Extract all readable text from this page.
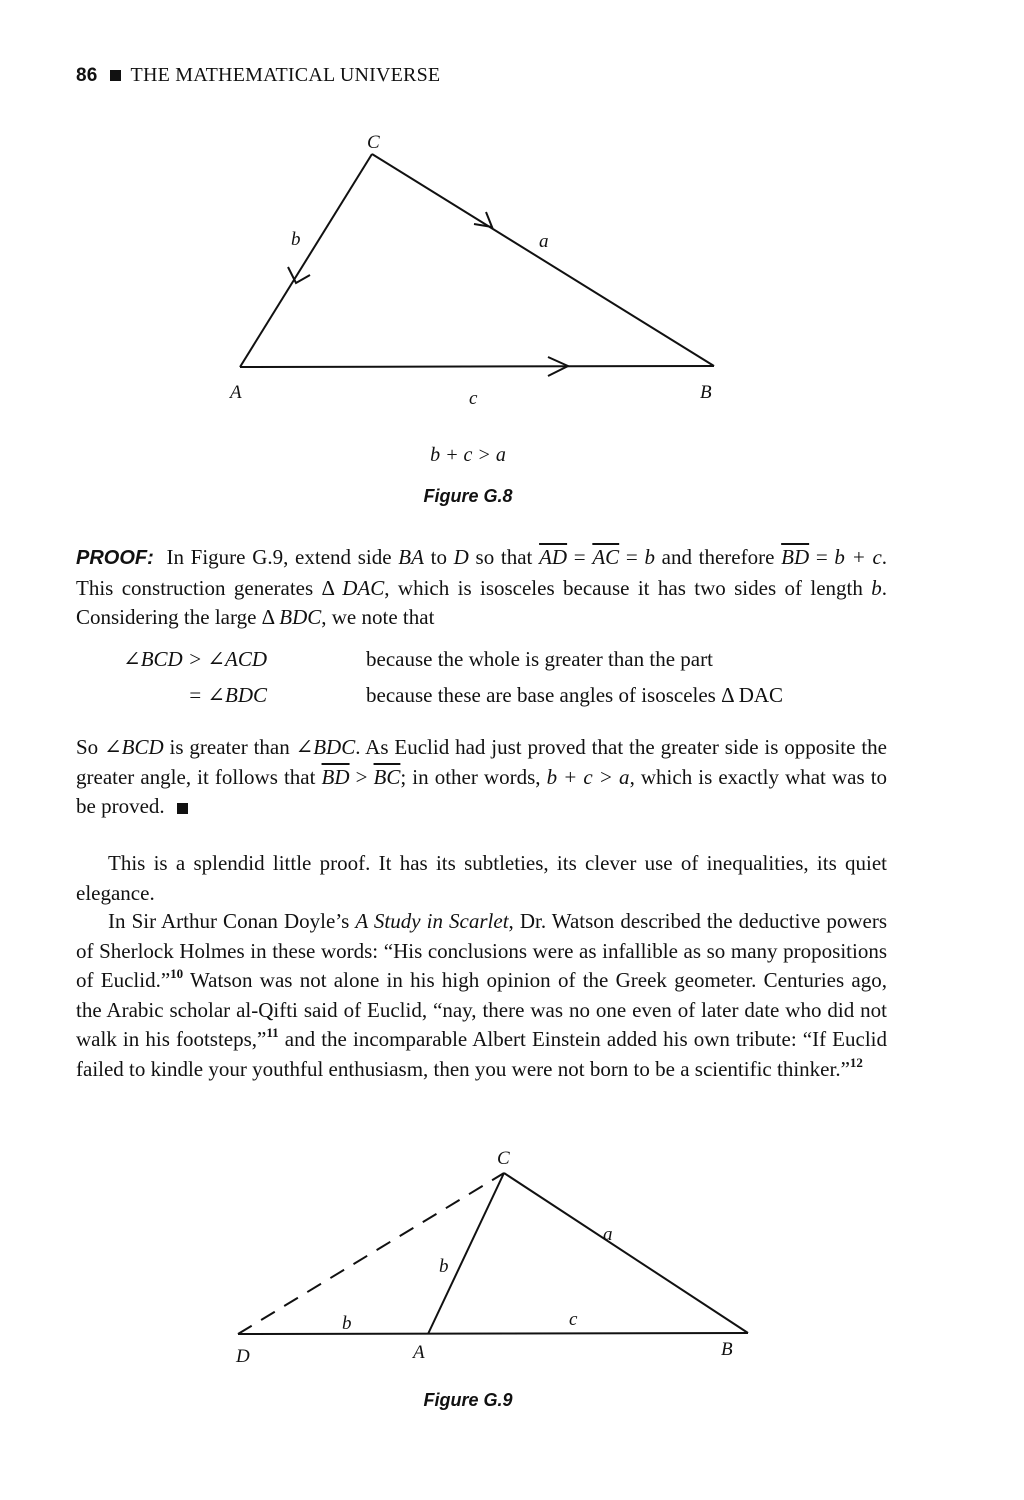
86 THE MATHEMATICAL UNIVERSE
C
b	a
A	c	B
b + c > a
Figure G.8

PROOF: In Figure G.9, extend side BA to D so that $\overline{AD} = \overline{AC} = b$ and therefore $\overline{BD} = b + c$. This construction generates Δ DAC, which is isosceles because it has two sides of length b. Considering the large Δ BDC, we note that

∠BCD > ∠ACD	because the whole is greater than the part
= ∠BDC	because these are base angles of isosceles Δ DAC

So ∠BCD is greater than ∠BDC. As Euclid had just proved that the greater side is opposite the greater angle, it follows that $\overline{BD} > \overline{BC}$; in other words, b + c > a, which is exactly what was to be proved.

This is a splendid little proof. It has its subtleties, its clever use of inequalities, its quiet elegance.

In Sir Arthur Conan Doyle’s A Study in Scarlet, Dr. Watson described the deductive powers of Sherlock Holmes in these words: “His conclusions were as infallible as so many propositions of Euclid.”$^{10}$ Watson was not alone in his high opinion of the Greek geometer. Centuries ago, the Arabic scholar al-Qifti said of Euclid, “nay, there was no one even of later date who did not walk in his footsteps,”$^{11}$ and the incomparable Albert Einstein added his own tribute: “If Euclid failed to kindle your youthful enthusiasm, then you were not born to be a scientific thinker.”$^{12}$

C
a
b
b	c
D	A	B
Figure G.9
